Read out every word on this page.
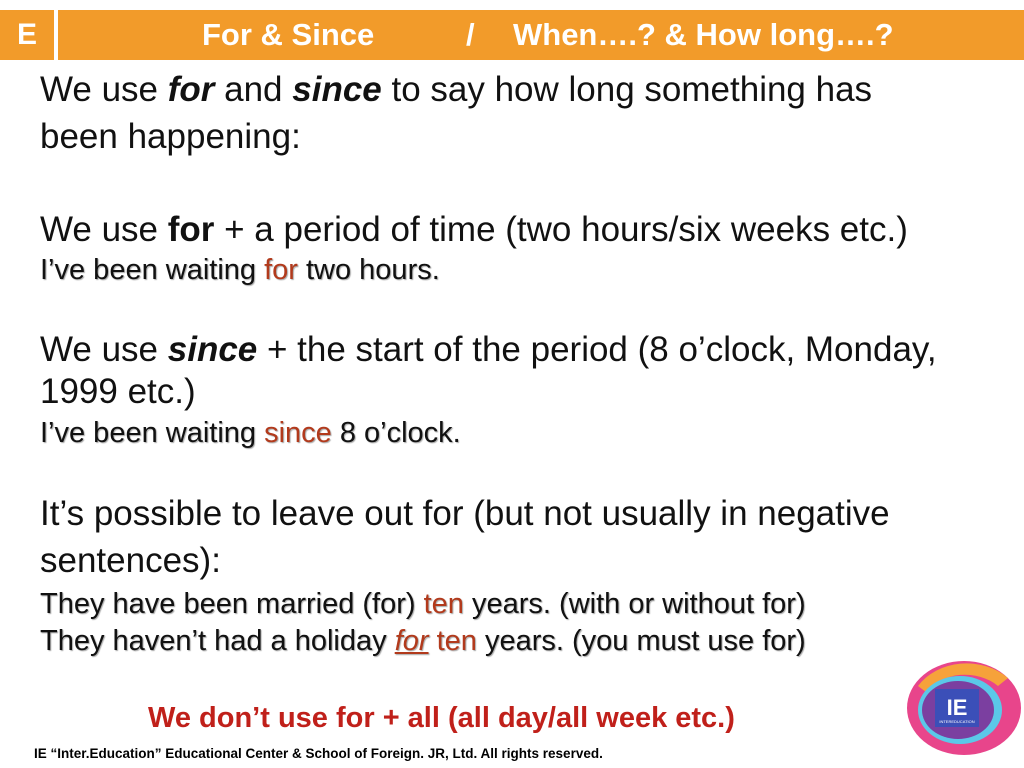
E	For & Since	/ When….? & How long….?
We use for and since to say how long something has
been happening:
We use for + a period of time (two hours/six weeks etc.)
I’ve been waiting for two hours.
We use since + the start of the period (8 o’clock, Monday,
1999 etc.)
I’ve been waiting since 8 o’clock.
It’s possible to leave out for (but not usually in negative
sentences):
They have been married (for) ten years. (with or without for)
They haven’t had a holiday for ten years. (you must use for)
We don’t use for + all (all day/all week etc.)
IE “Inter.Education” Educational Center & School of Foreign. JR, Ltd. All rights reserved.
IE
INTEREDUCATION
